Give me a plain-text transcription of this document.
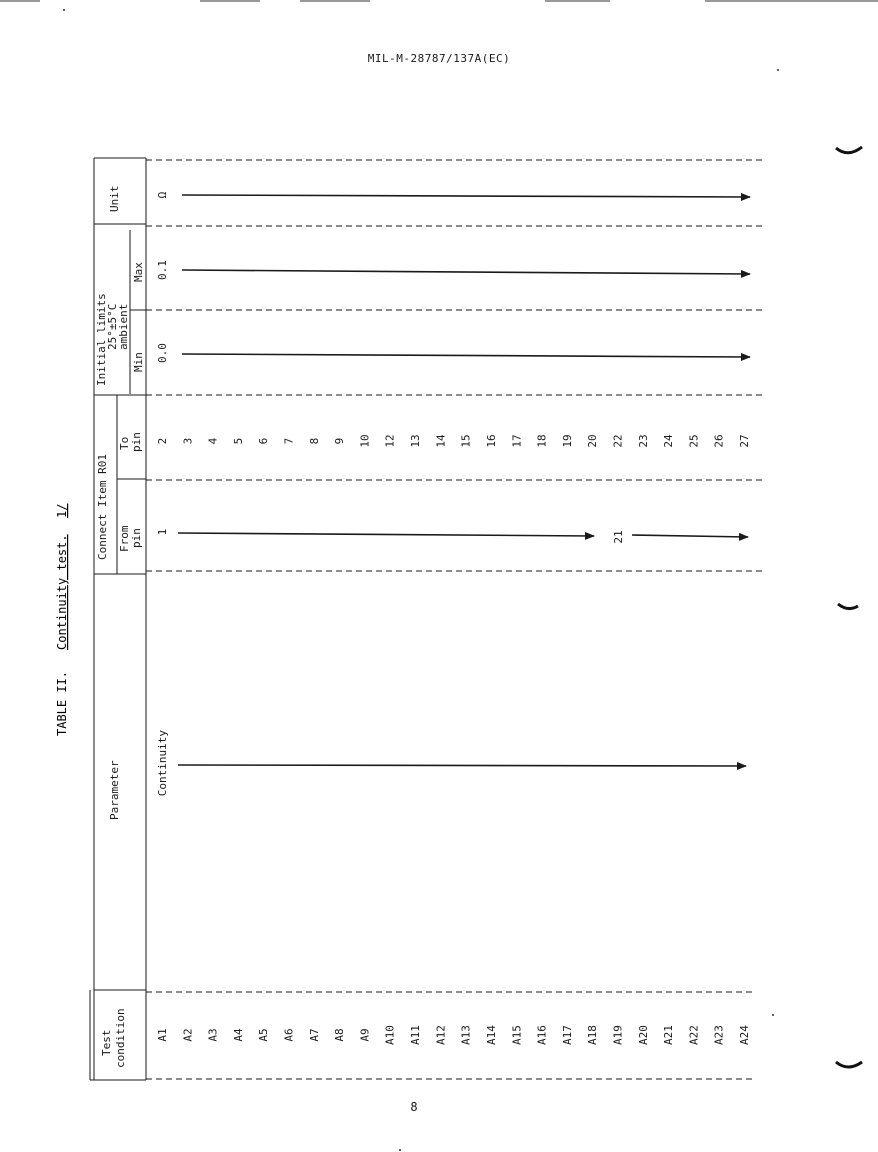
MIL-M-28787/137A(EC)
TABLE II.
Continuity test.
1/
Test condition
Parameter
Connect Item R01 From pin
To pin
Initial limits
25°±5°C
ambient
Min
Max
Unit
A1
2
A2
3
A3
4
A4
5
A5
6
A6
7
A7
8
A8
9
A9
10
A10
12
A11
13
A12
14
A13
15
A14
16
A15
17
A16
18
A17
19
A18
20
A19
22
A20
23
A21
24
A22
25
A23
26
A24
27
1	21
Continuity
0.0
0.1
Ω
8
